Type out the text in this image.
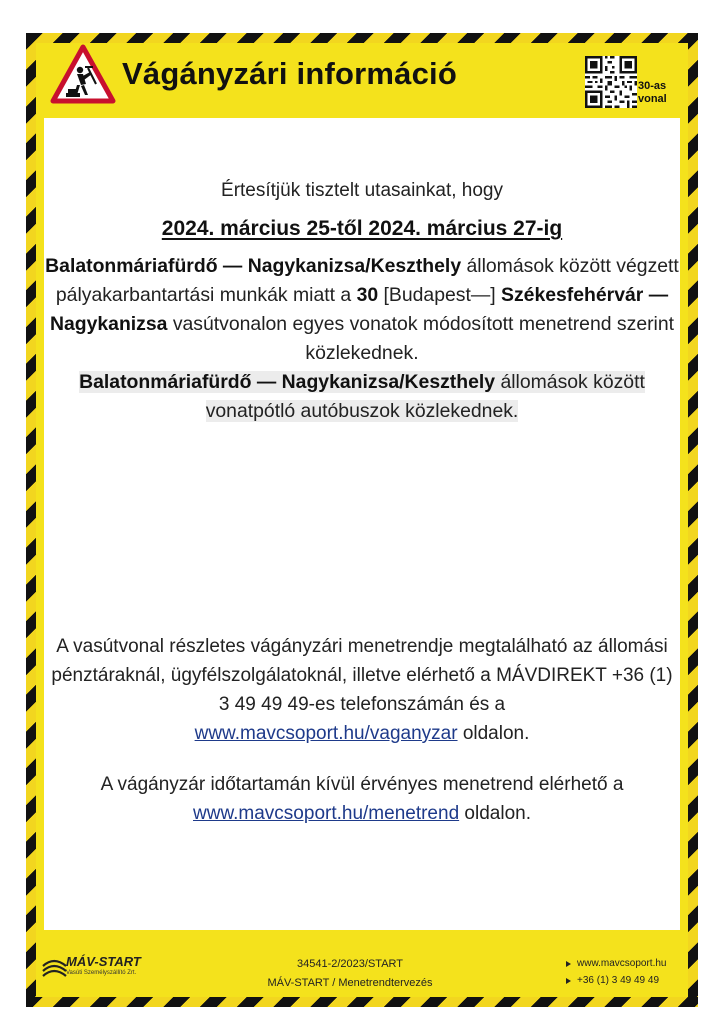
Vágányzári információ	30-as vonal
Értesítjük tisztelt utasainkat, hogy
2024. március 25-től 2024. március 27-ig
Balatonmáriafürdő — Nagykanizsa/Keszthely állomások között végzett pályakarbantartási munkák miatt a 30 [Budapest—] Székesfehérvár — Nagykanizsa vasútvonalon egyes vonatok módosított menetrend szerint közlekednek.
Balatonmáriafürdő — Nagykanizsa/Keszthely állomások között vonatpótló autóbuszok közlekednek.
A vasútvonal részletes vágányzári menetrendje megtalálható az állomási pénztáraknál, ügyfélszolgálatoknál, illetve elérhető a MÁVDIREKT +36 (1) 3 49 49 49-es telefonszámán és a
www.mavcsoport.hu/vaganyzar oldalon.
A vágányzár időtartamán kívül érvényes menetrend elérhető a
www.mavcsoport.hu/menetrend oldalon.
MÁV-START
Vasúti Személyszállító Zrt.
34541-2/2023/START
MÁV-START / Menetrendtervezés
www.mavcsoport.hu
+36 (1) 3 49 49 49
